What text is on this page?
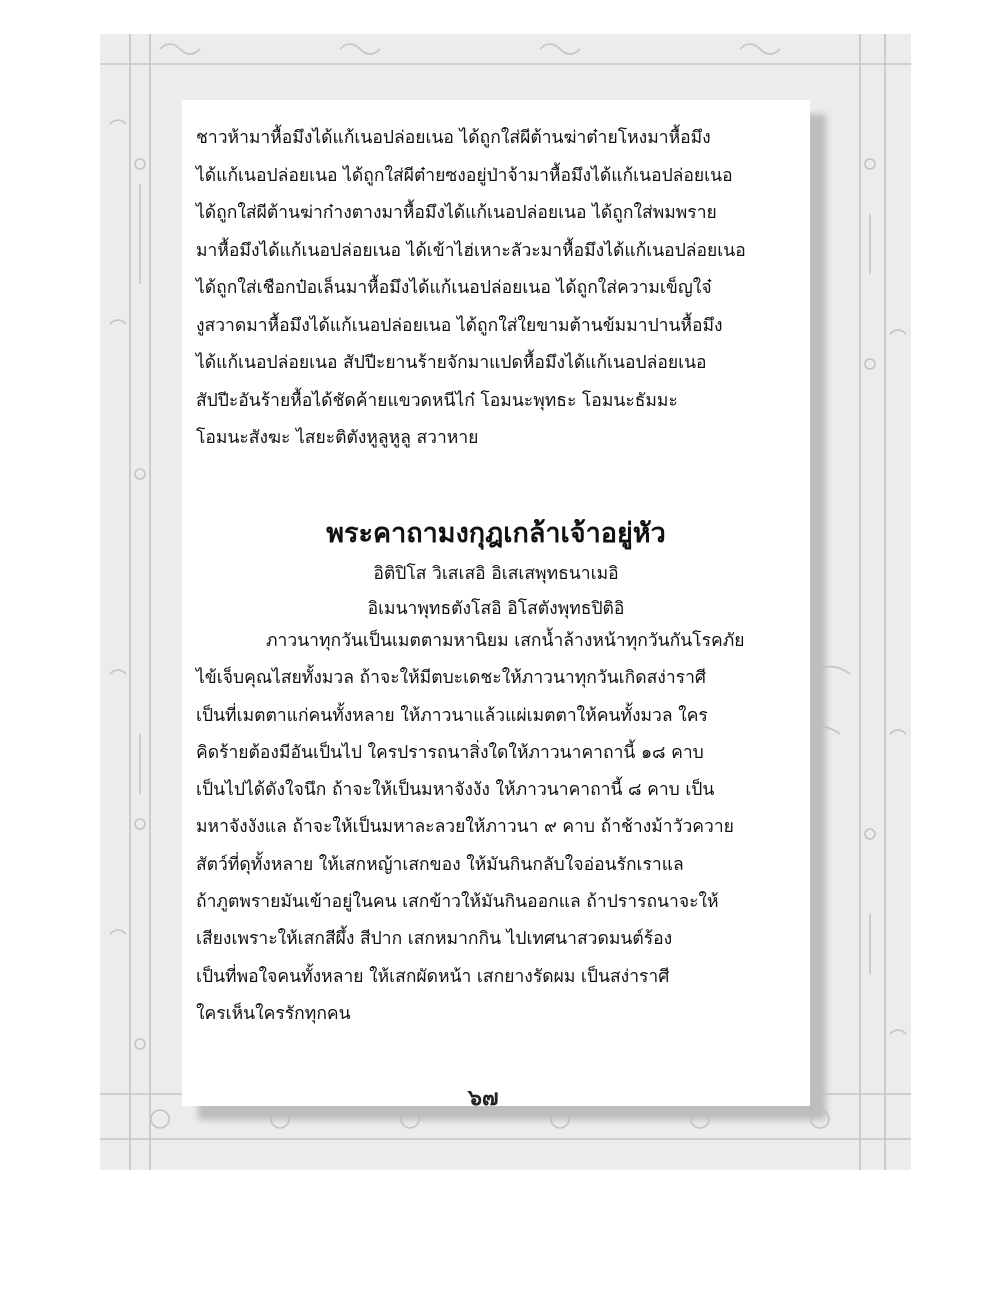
ชาวห้ามาหื้อมึงได้แก้เนอปล่อยเนอ ได้ถูกใส่ผีต้านฆ่าต๋ายโหงมาหื้อมึง

ได้แก้เนอปล่อยเนอ ได้ถูกใส่ผีต๋ายซงอยู่ป่าจ้ามาหื้อมึงได้แก้เนอปล่อยเนอ

ได้ถูกใส่ผีต้านฆ่าก๋างตางมาหื้อมึงได้แก้เนอปล่อยเนอ ได้ถูกใส่พมพราย

มาหื้อมึงได้แก้เนอปล่อยเนอ ได้เข้าไฮ่เหาะลัวะมาหื้อมึงได้แก้เนอปล่อยเนอ

ได้ถูกใส่เชือกป๋อเล็นมาหื้อมึงได้แก้เนอปล่อยเนอ ได้ถูกใส่ความเข็ญใจ๋

งูสวาดมาหื้อมึงได้แก้เนอปล่อยเนอ ได้ถูกใส่ใยขามต้านข้มมาปานหื้อมึง

ได้แก้เนอปล่อยเนอ สัปปีะยานร้ายจักมาแปดหื้อมึงได้แก้เนอปล่อยเนอ

สัปปีะอันร้ายหื้อได้ชัดค้ายแขวดหนีไก๋ โอมนะพุทธะ โอมนะธัมมะ

โอมนะสังฆะ ไสยะติตังหูลูหูลู สวาหาย

พระคาถามงกุฎเกล้าเจ้าอยู่หัว
อิติปิโส วิเสเสอิ อิเสเสพุทธนาเมอิ
อิเมนาพุทธตังโสอิ อิโสตังพุทธปิติอิ

ภาวนาทุกวันเป็นเมตตามหานิยม เสกน้ำล้างหน้าทุกวันกันโรคภัย

ไข้เจ็บคุณไสยทั้งมวล ถ้าจะให้มีตบะเดชะให้ภาวนาทุกวันเกิดสง่าราศี

เป็นที่เมตตาแก่คนทั้งหลาย ให้ภาวนาแล้วแผ่เมตตาให้คนทั้งมวล ใคร

คิดร้ายต้องมีอันเป็นไป ใครปรารถนาสิ่งใดให้ภาวนาคาถานี้ ๑๘ คาบ

เป็นไปได้ดังใจนึก ถ้าจะให้เป็นมหาจังงัง ให้ภาวนาคาถานี้ ๘ คาบ เป็น

มหาจังงังแล ถ้าจะให้เป็นมหาละลวยให้ภาวนา ๙ คาบ ถ้าช้างม้าวัวควาย

สัตว์ที่ดุทั้งหลาย ให้เสกหญ้าเสกของ ให้มันกินกลับใจอ่อนรักเราแล

ถ้าภูตพรายมันเข้าอยู่ในคน เสกข้าวให้มันกินออกแล ถ้าปรารถนาจะให้

เสียงเพราะให้เสกสีผึ้ง สีปาก เสกหมากกิน ไปเทศนาสวดมนต์ร้อง

เป็นที่พอใจคนทั้งหลาย ให้เสกผัดหน้า เสกยางรัดผม เป็นสง่าราศี

ใครเห็นใครรักทุกคน

๖๗
